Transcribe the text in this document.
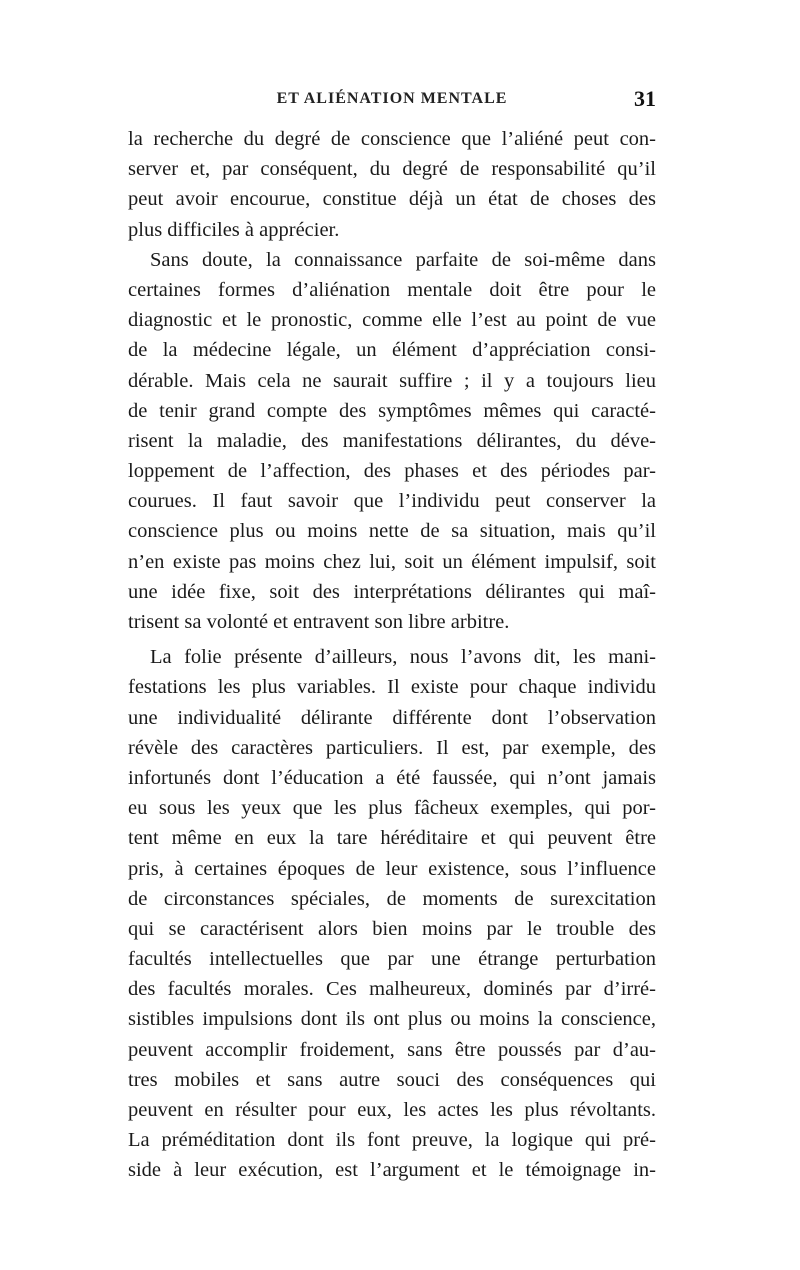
ET ALIÉNATION MENTALE	31
la recherche du degré de conscience que l’aliéné peut con-
server et, par conséquent, du degré de responsabilité qu’il
peut avoir encourue, constitue déjà un état de choses des
plus difficiles à apprécier.
Sans doute, la connaissance parfaite de soi-même dans
certaines formes d’aliénation mentale doit être pour le
diagnostic et le pronostic, comme elle l’est au point de vue
de la médecine légale, un élément d’appréciation consi-
dérable. Mais cela ne saurait suffire ; il y a toujours lieu
de tenir grand compte des symptômes mêmes qui caracté-
risent la maladie, des manifestations délirantes, du déve-
loppement de l’affection, des phases et des périodes par-
courues. Il faut savoir que l’individu peut conserver la
conscience plus ou moins nette de sa situation, mais qu’il
n’en existe pas moins chez lui, soit un élément impulsif, soit
une idée fixe, soit des interprétations délirantes qui maî-
trisent sa volonté et entravent son libre arbitre.
La folie présente d’ailleurs, nous l’avons dit, les mani-
festations les plus variables. Il existe pour chaque individu
une individualité délirante différente dont l’observation
révèle des caractères particuliers. Il est, par exemple, des
infortunés dont l’éducation a été faussée, qui n’ont jamais
eu sous les yeux que les plus fâcheux exemples, qui por-
tent même en eux la tare héréditaire et qui peuvent être
pris, à certaines époques de leur existence, sous l’influence
de circonstances spéciales, de moments de surexcitation
qui se caractérisent alors bien moins par le trouble des
facultés intellectuelles que par une étrange perturbation
des facultés morales. Ces malheureux, dominés par d’irré-
sistibles impulsions dont ils ont plus ou moins la conscience,
peuvent accomplir froidement, sans être poussés par d’au-
tres mobiles et sans autre souci des conséquences qui
peuvent en résulter pour eux, les actes les plus révoltants.
La préméditation dont ils font preuve, la logique qui pré-
side à leur exécution, est l’argument et le témoignage in-
